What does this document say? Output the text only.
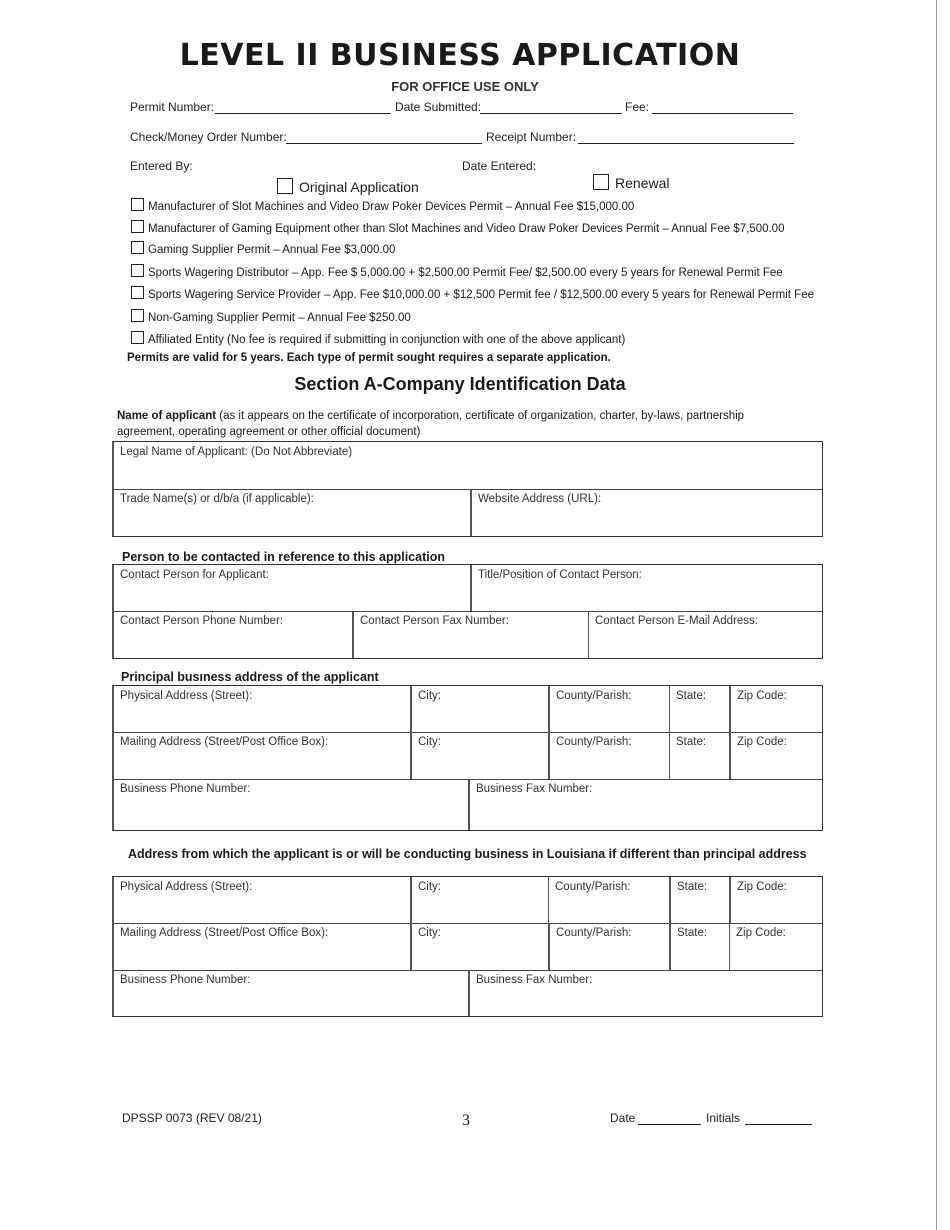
LEVEL II BUSINESS APPLICATION
FOR OFFICE USE ONLY
Permit Number:	Date Submitted:	Fee:
Check/Money Order Number:	Receipt Number:
Entered By:	Date Entered:
Original Application	Renewal
Manufacturer of Slot Machines and Video Draw Poker Devices Permit – Annual Fee $15,000.00
Manufacturer of Gaming Equipment other than Slot Machines and Video Draw Poker Devices Permit – Annual Fee $7,500.00
Gaming Supplier Permit – Annual Fee $3,000.00
Sports Wagering Distributor – App. Fee $ 5,000.00 + $2,500.00 Permit Fee/ $2,500.00 every 5 years for Renewal Permit Fee
Sports Wagering Service Provider – App. Fee $10,000.00 + $12,500 Permit fee / $12,500.00 every 5 years for Renewal Permit Fee
Non-Gaming Supplier Permit – Annual Fee $250.00
Affiliated Entity (No fee is required if submitting in conjunction with one of the above applicant)
Permits are valid for 5 years. Each type of permit sought requires a separate application.
Section A-Company Identification Data
Name of applicant (as it appears on the certificate of incorporation, certificate of organization, charter, by-laws, partnership agreement, operating agreement or other official document)
Legal Name of Applicant: (Do Not Abbreviate)
Trade Name(s) or d/b/a (if applicable):	Website Address (URL):
Person to be contacted in reference to this application
Contact Person for Applicant:	Title/Position of Contact Person:
Contact Person Phone Number:	Contact Person Fax Number:	Contact Person E-Mail Address:
Principal busıness address of the applicant
Physical Address (Street):	City:	County/Parish:	State:	Zip Code:
Mailing Address (Street/Post Office Box):	City:	County/Parish:	State:	Zip Code:
Business Phone Number:	Business Fax Number:
Address from which the applicant is or will be conducting business in Louisiana if different than principal address
Physical Address (Street):	City:	County/Parish:	State:	Zip Code:
Mailing Address (Street/Post Office Box):	City:	County/Parish:	State:	Zip Code:
Business Phone Number:	Business Fax Number:
DPSSP 0073 (REV 08/21)	3	Date	Initials
